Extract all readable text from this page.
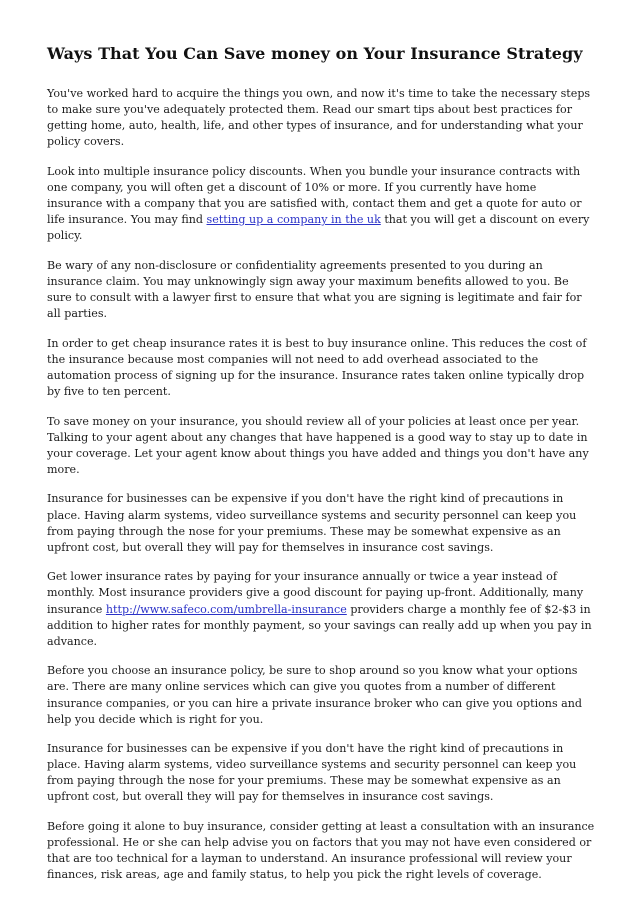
Ways That You Can Save money on Your Insurance Strategy

You've worked hard to acquire the things you own, and now it's time to take the necessary steps to make sure you've adequately protected them. Read our smart tips about best practices for getting home, auto, health, life, and other types of insurance, and for understanding what your policy covers.

Look into multiple insurance policy discounts. When you bundle your insurance contracts with one company, you will often get a discount of 10% or more. If you currently have home insurance with a company that you are satisfied with, contact them and get a quote for auto or life insurance. You may find setting up a company in the uk that you will get a discount on every policy.

Be wary of any non-disclosure or confidentiality agreements presented to you during an insurance claim. You may unknowingly sign away your maximum benefits allowed to you. Be sure to consult with a lawyer first to ensure that what you are signing is legitimate and fair for all parties.

In order to get cheap insurance rates it is best to buy insurance online. This reduces the cost of the insurance because most companies will not need to add overhead associated to the automation process of signing up for the insurance. Insurance rates taken online typically drop by five to ten percent.

To save money on your insurance, you should review all of your policies at least once per year. Talking to your agent about any changes that have happened is a good way to stay up to date in your coverage. Let your agent know about things you have added and things you don't have any more.

Insurance for businesses can be expensive if you don't have the right kind of precautions in place. Having alarm systems, video surveillance systems and security personnel can keep you from paying through the nose for your premiums. These may be somewhat expensive as an upfront cost, but overall they will pay for themselves in insurance cost savings.

Get lower insurance rates by paying for your insurance annually or twice a year instead of monthly. Most insurance providers give a good discount for paying up-front. Additionally, many insurance http://www.safeco.com/umbrella-insurance providers charge a monthly fee of $2-$3 in addition to higher rates for monthly payment, so your savings can really add up when you pay in advance.

Before you choose an insurance policy, be sure to shop around so you know what your options are. There are many online services which can give you quotes from a number of different insurance companies, or you can hire a private insurance broker who can give you options and help you decide which is right for you.

Insurance for businesses can be expensive if you don't have the right kind of precautions in place. Having alarm systems, video surveillance systems and security personnel can keep you from paying through the nose for your premiums. These may be somewhat expensive as an upfront cost, but overall they will pay for themselves in insurance cost savings.

Before going it alone to buy insurance, consider getting at least a consultation with an insurance professional. He or she can help advise you on factors that you may not have even considered or that are too technical for a layman to understand. An insurance professional will review your finances, risk areas, age and family status, to help you pick the right levels of coverage.
